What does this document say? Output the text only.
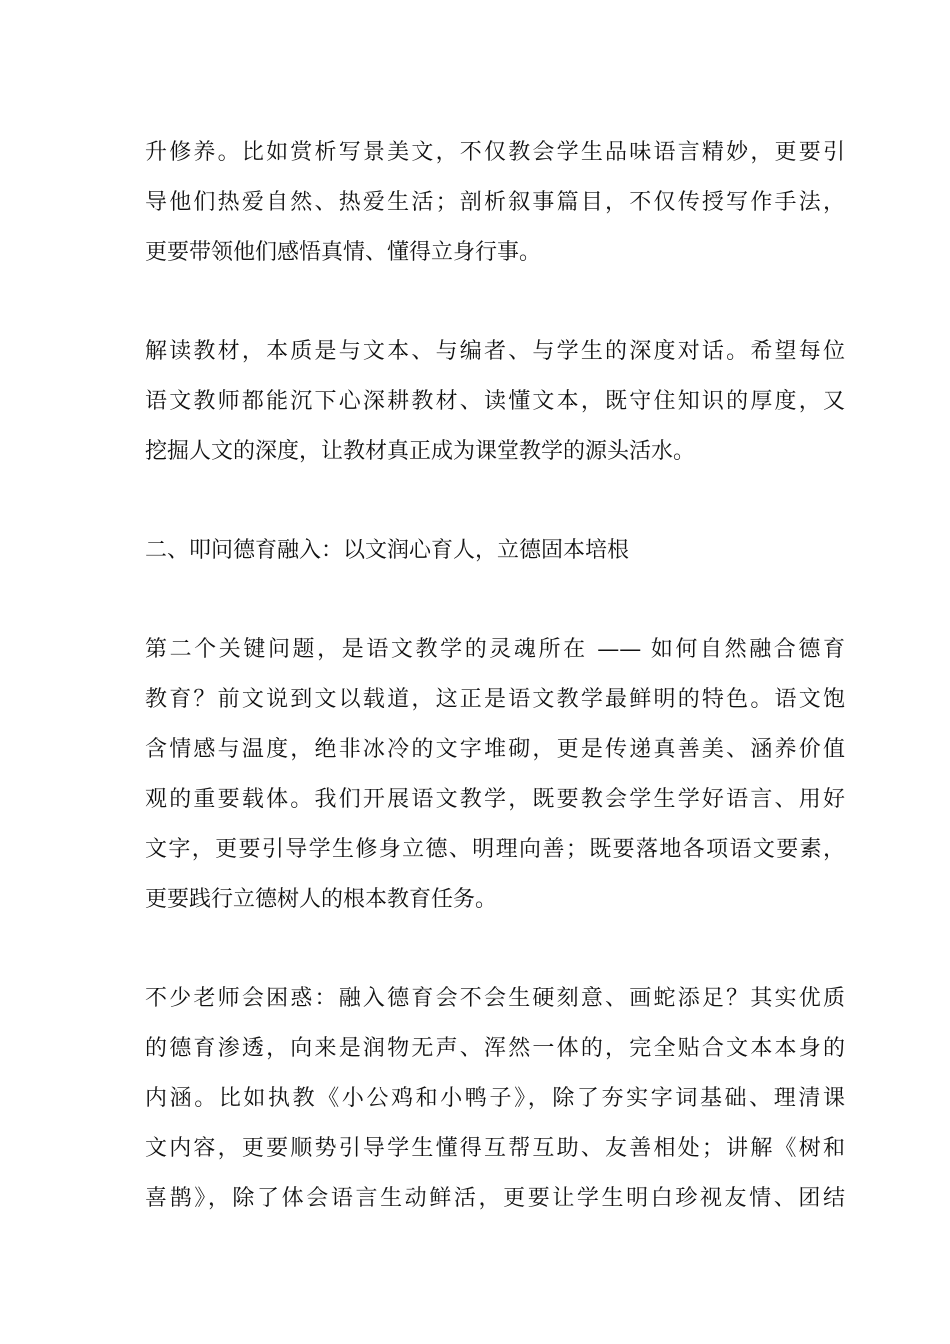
升修养。比如赏析写景美文，不仅教会学生品味语言精妙，更要引
导他们热爱自然、热爱生活；剖析叙事篇目，不仅传授写作手法，
更要带领他们感悟真情、懂得立身行事。
解读教材，本质是与文本、与编者、与学生的深度对话。希望每位
语文教师都能沉下心深耕教材、读懂文本，既守住知识的厚度，又
挖掘人文的深度，让教材真正成为课堂教学的源头活水。
二、叩问德育融入：以文润心育人，立德固本培根
第二个关键问题，是语文教学的灵魂所在 —— 如何自然融合德育
教育？前文说到文以载道，这正是语文教学最鲜明的特色。语文饱
含情感与温度，绝非冰冷的文字堆砌，更是传递真善美、涵养价值
观的重要载体。我们开展语文教学，既要教会学生学好语言、用好
文字，更要引导学生修身立德、明理向善；既要落地各项语文要素，
更要践行立德树人的根本教育任务。
不少老师会困惑：融入德育会不会生硬刻意、画蛇添足？其实优质
的德育渗透，向来是润物无声、浑然一体的，完全贴合文本本身的
内涵。比如执教《小公鸡和小鸭子》，除了夯实字词基础、理清课
文内容，更要顺势引导学生懂得互帮互助、友善相处；讲解《树和
喜鹊》，除了体会语言生动鲜活，更要让学生明白珍视友情、团结
